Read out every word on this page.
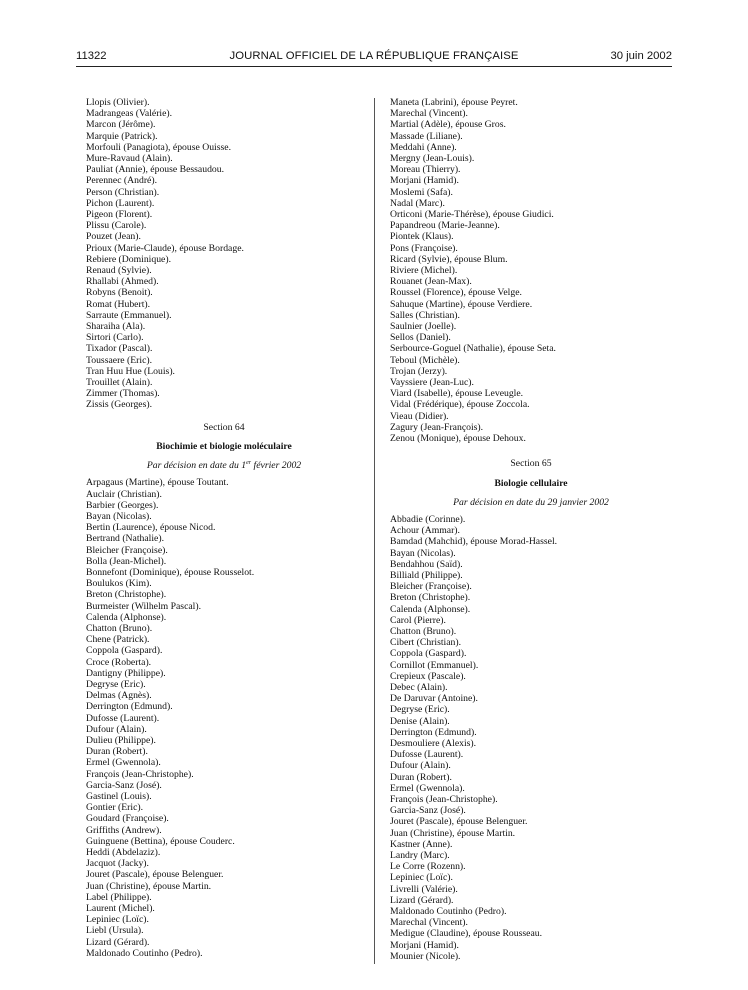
11322	JOURNAL OFFICIEL DE LA RÉPUBLIQUE FRANÇAISE	30 juin 2002
Llopis (Olivier).
Madrangeas (Valérie).
Marcon (Jérôme).
Marquie (Patrick).
Morfouli (Panagiota), épouse Ouisse.
Mure-Ravaud (Alain).
Pauliat (Annie), épouse Bessaudou.
Perennec (André).
Person (Christian).
Pichon (Laurent).
Pigeon (Florent).
Plissu (Carole).
Pouzet (Jean).
Prioux (Marie-Claude), épouse Bordage.
Rebiere (Dominique).
Renaud (Sylvie).
Rhallabi (Ahmed).
Robyns (Benoit).
Romat (Hubert).
Sarraute (Emmanuel).
Sharaiha (Ala).
Sirtori (Carlo).
Tixador (Pascal).
Toussaere (Eric).
Tran Huu Hue (Louis).
Trouillet (Alain).
Zimmer (Thomas).
Zissis (Georges).
Section 64
Biochimie et biologie moléculaire
Par décision en date du 1er février 2002
Arpagaus (Martine), épouse Toutant.
Auclair (Christian).
Barbier (Georges).
Bayan (Nicolas).
Bertin (Laurence), épouse Nicod.
Bertrand (Nathalie).
Bleicher (Françoise).
Bolla (Jean-Michel).
Bonnefont (Dominique), épouse Rousselot.
Boulukos (Kim).
Breton (Christophe).
Burmeister (Wilhelm Pascal).
Calenda (Alphonse).
Chatton (Bruno).
Chene (Patrick).
Coppola (Gaspard).
Croce (Roberta).
Dantigny (Philippe).
Degryse (Eric).
Delmas (Agnès).
Derrington (Edmund).
Dufosse (Laurent).
Dufour (Alain).
Dulieu (Philippe).
Duran (Robert).
Ermel (Gwennola).
François (Jean-Christophe).
Garcia-Sanz (José).
Gastinel (Louis).
Gontier (Eric).
Goudard (Françoise).
Griffiths (Andrew).
Guinguene (Bettina), épouse Couderc.
Heddi (Abdelaziz).
Jacquot (Jacky).
Jouret (Pascale), épouse Belenguer.
Juan (Christine), épouse Martin.
Label (Philippe).
Laurent (Michel).
Lepiniec (Loïc).
Liebl (Ursula).
Lizard (Gérard).
Maldonado Coutinho (Pedro).
Maneta (Labrini), épouse Peyret.
Marechal (Vincent).
Martial (Adèle), épouse Gros.
Massade (Liliane).
Meddahi (Anne).
Mergny (Jean-Louis).
Moreau (Thierry).
Morjani (Hamid).
Moslemi (Safa).
Nadal (Marc).
Orticoni (Marie-Thérèse), épouse Giudici.
Papandreou (Marie-Jeanne).
Piontek (Klaus).
Pons (Françoise).
Ricard (Sylvie), épouse Blum.
Riviere (Michel).
Rouanet (Jean-Max).
Roussel (Florence), épouse Velge.
Sahuque (Martine), épouse Verdiere.
Salles (Christian).
Saulnier (Joelle).
Sellos (Daniel).
Serbource-Goguel (Nathalie), épouse Seta.
Teboul (Michèle).
Trojan (Jerzy).
Vayssiere (Jean-Luc).
Viard (Isabelle), épouse Leveugle.
Vidal (Frédérique), épouse Zoccola.
Vieau (Didier).
Zagury (Jean-François).
Zenou (Monique), épouse Dehoux.
Section 65
Biologie cellulaire
Par décision en date du 29 janvier 2002
Abbadie (Corinne).
Achour (Ammar).
Bamdad (Mahchid), épouse Morad-Hassel.
Bayan (Nicolas).
Bendahhou (Saïd).
Billiald (Philippe).
Bleicher (Françoise).
Breton (Christophe).
Calenda (Alphonse).
Carol (Pierre).
Chatton (Bruno).
Cibert (Christian).
Coppola (Gaspard).
Cornillot (Emmanuel).
Crepieux (Pascale).
Debec (Alain).
De Daruvar (Antoine).
Degryse (Eric).
Denise (Alain).
Derrington (Edmund).
Desmouliere (Alexis).
Dufosse (Laurent).
Dufour (Alain).
Duran (Robert).
Ermel (Gwennola).
François (Jean-Christophe).
Garcia-Sanz (José).
Jouret (Pascale), épouse Belenguer.
Juan (Christine), épouse Martin.
Kastner (Anne).
Landry (Marc).
Le Corre (Rozenn).
Lepiniec (Loïc).
Livrelli (Valérie).
Lizard (Gérard).
Maldonado Coutinho (Pedro).
Marechal (Vincent).
Medigue (Claudine), épouse Rousseau.
Morjani (Hamid).
Mounier (Nicole).
